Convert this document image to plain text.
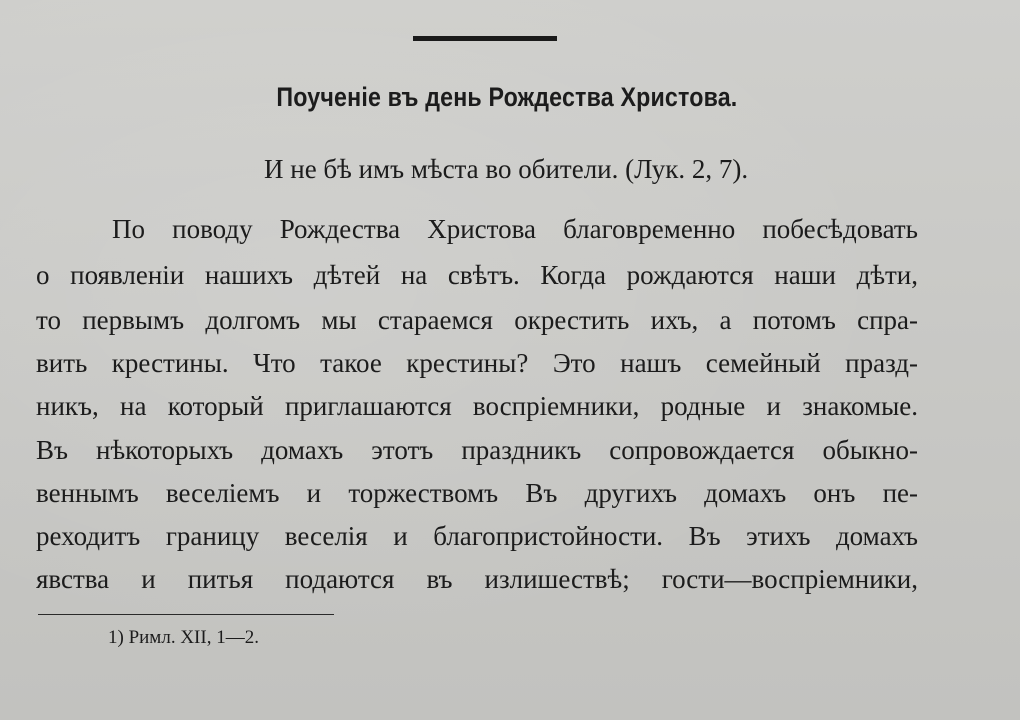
Поученіе въ день Рождества Христова.
И не бѣ имъ мѣста во обители. (Лук. 2, 7).
По поводу Рождества Христова благовременно побесѣдовать
о появленіи нашихъ дѣтей на свѣтъ. Когда рождаются наши дѣти,
то первымъ долгомъ мы стараемся окрестить ихъ, а потомъ спра-
вить крестины. Что такое крестины? Это нашъ семейный празд-
никъ, на который приглашаются воспріемники, родные и знакомые.
Въ нѣкоторыхъ домахъ этотъ праздникъ сопровождается обыкно-
веннымъ веселіемъ и торжествомъ Въ другихъ домахъ онъ пе-
реходитъ границу веселія и благопристойности. Въ этихъ домахъ
явства и питья подаются въ излишествѣ; гости—воспріемники,
1) Римл. XII, 1—2.
